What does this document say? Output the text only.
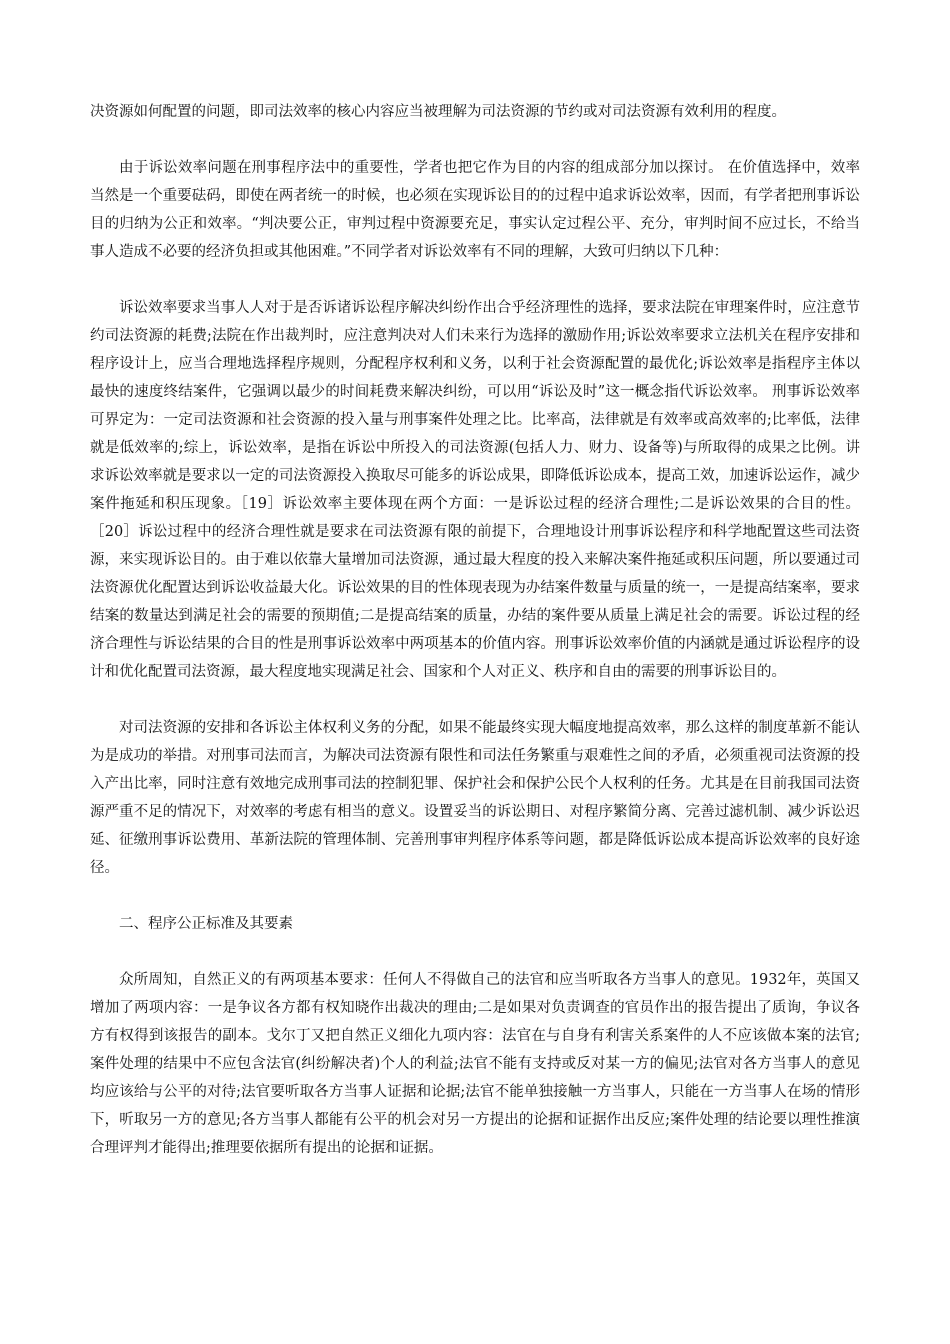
决资源如何配置的问题，即司法效率的核心内容应当被理解为司法资源的节约或对司法资源有效利用的程度。

由于诉讼效率问题在刑事程序法中的重要性，学者也把它作为目的内容的组成部分加以探讨。 在价值选择中，效率当然是一个重要砝码，即使在两者统一的时候，也必须在实现诉讼目的的过程中追求诉讼效率，因而，有学者把刑事诉讼目的归纳为公正和效率。“判决要公正，审判过程中资源要充足，事实认定过程公平、充分，审判时间不应过长，不给当事人造成不必要的经济负担或其他困难。”不同学者对诉讼效率有不同的理解，大致可归纳以下几种：

诉讼效率要求当事人人对于是否诉诸诉讼程序解决纠纷作出合乎经济理性的选择，要求法院在审理案件时，应注意节约司法资源的耗费;法院在作出裁判时，应注意判决对人们未来行为选择的激励作用;诉讼效率要求立法机关在程序安排和程序设计上，应当合理地选择程序规则，分配程序权利和义务，以利于社会资源配置的最优化;诉讼效率是指程序主体以最快的速度终结案件，它强调以最少的时间耗费来解决纠纷，可以用“诉讼及时”这一概念指代诉讼效率。 刑事诉讼效率可界定为：一定司法资源和社会资源的投入量与刑事案件处理之比。比率高，法律就是有效率或高效率的;比率低，法律就是低效率的;综上，诉讼效率，是指在诉讼中所投入的司法资源(包括人力、财力、设备等)与所取得的成果之比例。讲求诉讼效率就是要求以一定的司法资源投入换取尽可能多的诉讼成果，即降低诉讼成本，提高工效，加速诉讼运作，减少案件拖延和积压现象。［19］诉讼效率主要体现在两个方面：一是诉讼过程的经济合理性;二是诉讼效果的合目的性。［20］诉讼过程中的经济合理性就是要求在司法资源有限的前提下，合理地设计刑事诉讼程序和科学地配置这些司法资源，来实现诉讼目的。由于难以依靠大量增加司法资源，通过最大程度的投入来解决案件拖延或积压问题，所以要通过司法资源优化配置达到诉讼收益最大化。诉讼效果的目的性体现表现为办结案件数量与质量的统一，一是提高结案率，要求结案的数量达到满足社会的需要的预期值;二是提高结案的质量，办结的案件要从质量上满足社会的需要。诉讼过程的经济合理性与诉讼结果的合目的性是刑事诉讼效率中两项基本的价值内容。刑事诉讼效率价值的内涵就是通过诉讼程序的设计和优化配置司法资源，最大程度地实现满足社会、国家和个人对正义、秩序和自由的需要的刑事诉讼目的。

对司法资源的安排和各诉讼主体权利义务的分配，如果不能最终实现大幅度地提高效率，那么这样的制度革新不能认为是成功的举措。对刑事司法而言，为解决司法资源有限性和司法任务繁重与艰难性之间的矛盾，必须重视司法资源的投入产出比率，同时注意有效地完成刑事司法的控制犯罪、保护社会和保护公民个人权利的任务。尤其是在目前我国司法资源严重不足的情况下，对效率的考虑有相当的意义。设置妥当的诉讼期日、对程序繁简分离、完善过滤机制、减少诉讼迟延、征缴刑事诉讼费用、革新法院的管理体制、完善刑事审判程序体系等问题，都是降低诉讼成本提高诉讼效率的良好途径。

二、程序公正标准及其要素

众所周知，自然正义的有两项基本要求：任何人不得做自己的法官和应当听取各方当事人的意见。1932年，英国又增加了两项内容：一是争议各方都有权知晓作出裁决的理由;二是如果对负责调查的官员作出的报告提出了质询，争议各方有权得到该报告的副本。戈尔丁又把自然正义细化九项内容：法官在与自身有利害关系案件的人不应该做本案的法官;案件处理的结果中不应包含法官(纠纷解决者)个人的利益;法官不能有支持或反对某一方的偏见;法官对各方当事人的意见均应该给与公平的对待;法官要听取各方当事人证据和论据;法官不能单独接触一方当事人，只能在一方当事人在场的情形下，听取另一方的意见;各方当事人都能有公平的机会对另一方提出的论据和证据作出反应;案件处理的结论要以理性推演合理评判才能得出;推理要依据所有提出的论据和证据。
